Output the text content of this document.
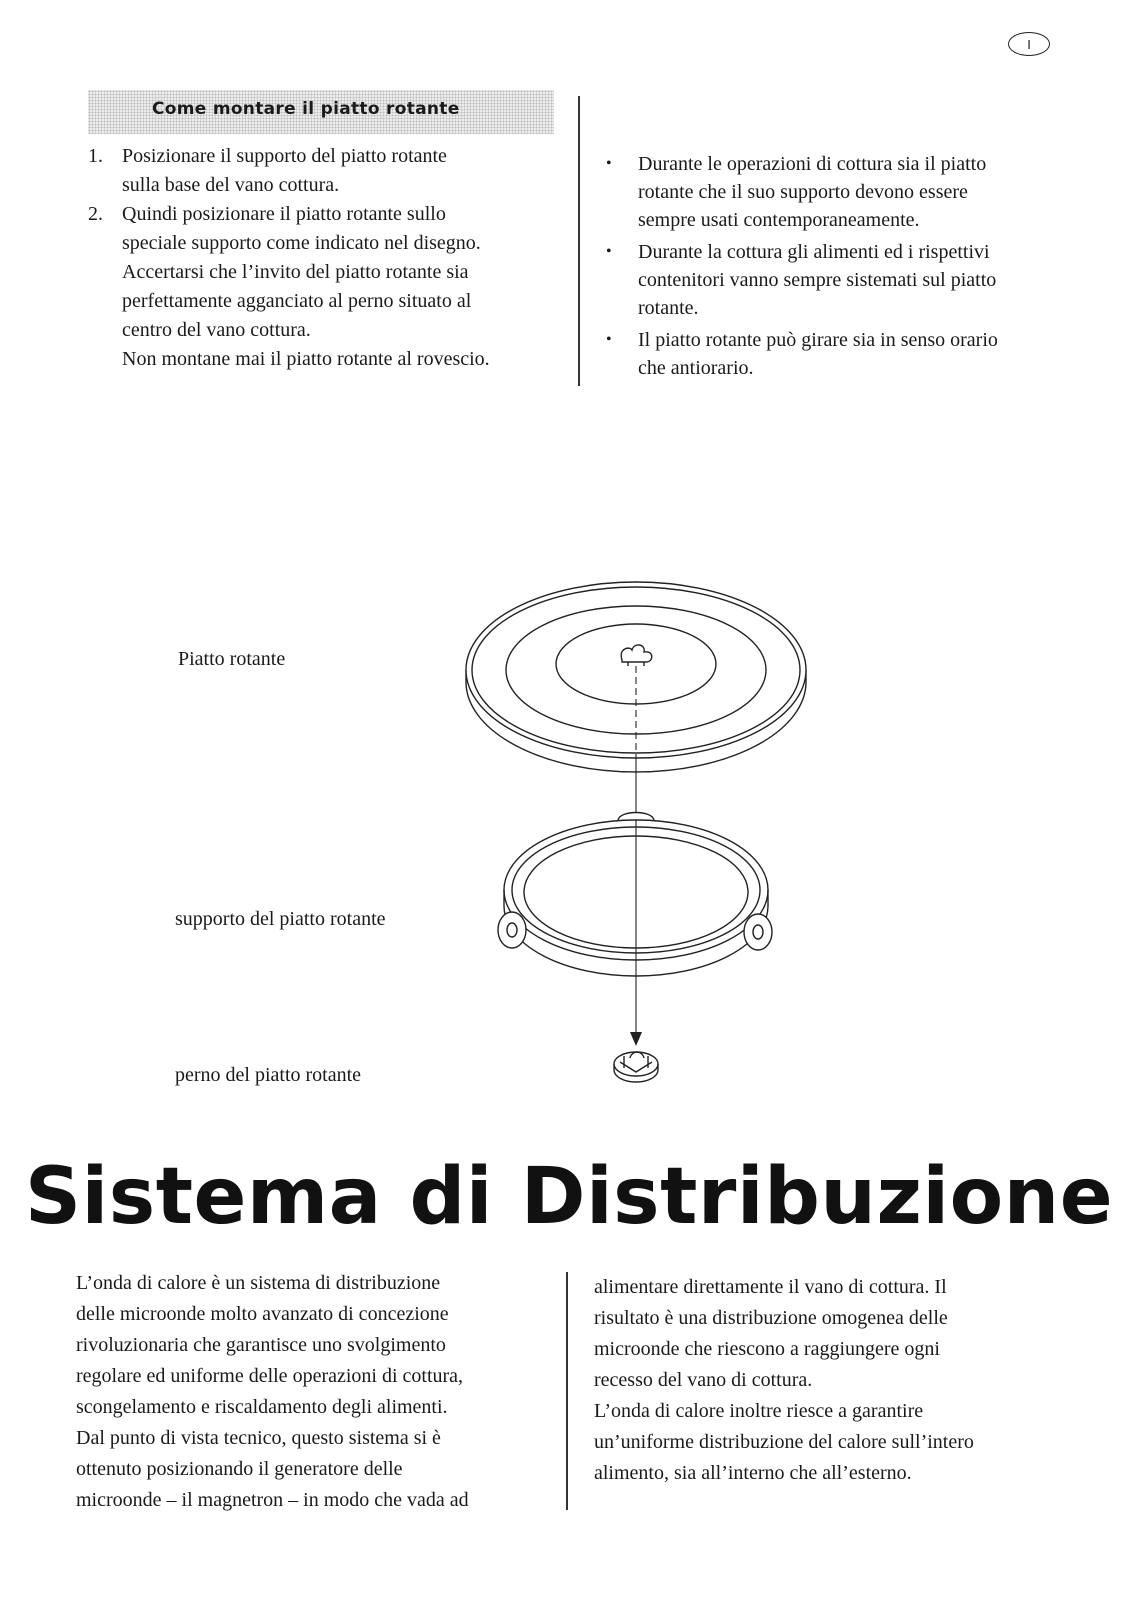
I
Come montare il piatto rotante
1. Posizionare il supporto del piatto rotante
sulla base del vano cottura.
2. Quindi posizionare il piatto rotante sullo
speciale supporto come indicato nel disegno.
Accertarsi che l’invito del piatto rotante sia
perfettamente agganciato al perno situato al
centro del vano cottura.
Non montane mai il piatto rotante al rovescio.
• Durante le operazioni di cottura sia il piatto
rotante che il suo supporto devono essere
sempre usati contemporaneamente.
• Durante la cottura gli alimenti ed i rispettivi
contenitori vanno sempre sistemati sul piatto
rotante.
• Il piatto rotante può girare sia in senso orario
che antiorario.
Piatto rotante
supporto del piatto rotante
perno del piatto rotante
Sistema di Distribuzione
L’onda di calore è un sistema di distribuzione
delle microonde molto avanzato di concezione
rivoluzionaria che garantisce uno svolgimento
regolare ed uniforme delle operazioni di cottura,
scongelamento e riscaldamento degli alimenti.
Dal punto di vista tecnico, questo sistema si è
ottenuto posizionando il generatore delle
microonde – il magnetron – in modo che vada ad
alimentare direttamente il vano di cottura. Il
risultato è una distribuzione omogenea delle
microonde che riescono a raggiungere ogni
recesso del vano di cottura.
L’onda di calore inoltre riesce a garantire
un’uniforme distribuzione del calore sull’intero
alimento, sia all’interno che all’esterno.
